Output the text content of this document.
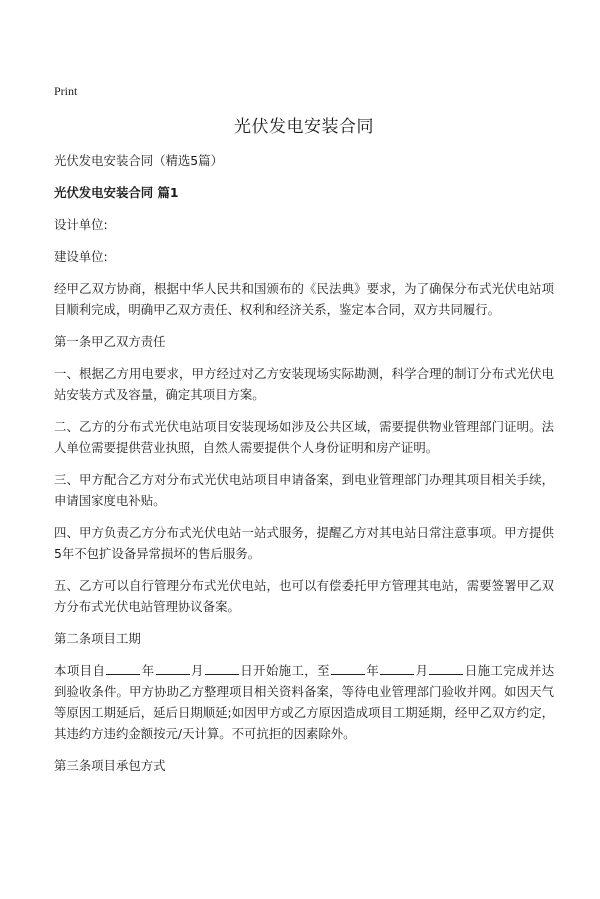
Print
光伏发电安装合同

光伏发电安装合同（精选5篇）

光伏发电安装合同 篇1

设计单位:

建设单位:

经甲乙双方协商，根据中华人民共和国颁布的《民法典》要求，为了确保分布式光伏电站项目顺利完成，明确甲乙双方责任、权利和经济关系，鉴定本合同，双方共同履行。

第一条甲乙双方责任

一、根据乙方用电要求，甲方经过对乙方安装现场实际勘测，科学合理的制订分布式光伏电站安装方式及容量，确定其项目方案。

二、乙方的分布式光伏电站项目安装现场如涉及公共区域，需要提供物业管理部门证明。法人单位需要提供营业执照，自然人需要提供个人身份证明和房产证明。

三、甲方配合乙方对分布式光伏电站项目申请备案，到电业管理部门办理其项目相关手续，申请国家度电补贴。

四、甲方负责乙方分布式光伏电站一站式服务，提醒乙方对其电站日常注意事项。甲方提供5年不包扩设备异常损坏的售后服务。

五、乙方可以自行管理分布式光伏电站，也可以有偿委托甲方管理其电站，需要签署甲乙双方分布式光伏电站管理协议备案。

第二条项目工期

本项目自	年	月	日开始施工，至	年	月	日施工完成并达到验收条件。甲方协助乙方整理项目相关资料备案，等待电业管理部门验收并网。如因天气等原因工期延后，延后日期顺延;如因甲方或乙方原因造成项目工期延期，经甲乙双方约定，其违约方违约金额按元/天计算。不可抗拒的因素除外。

第三条项目承包方式
